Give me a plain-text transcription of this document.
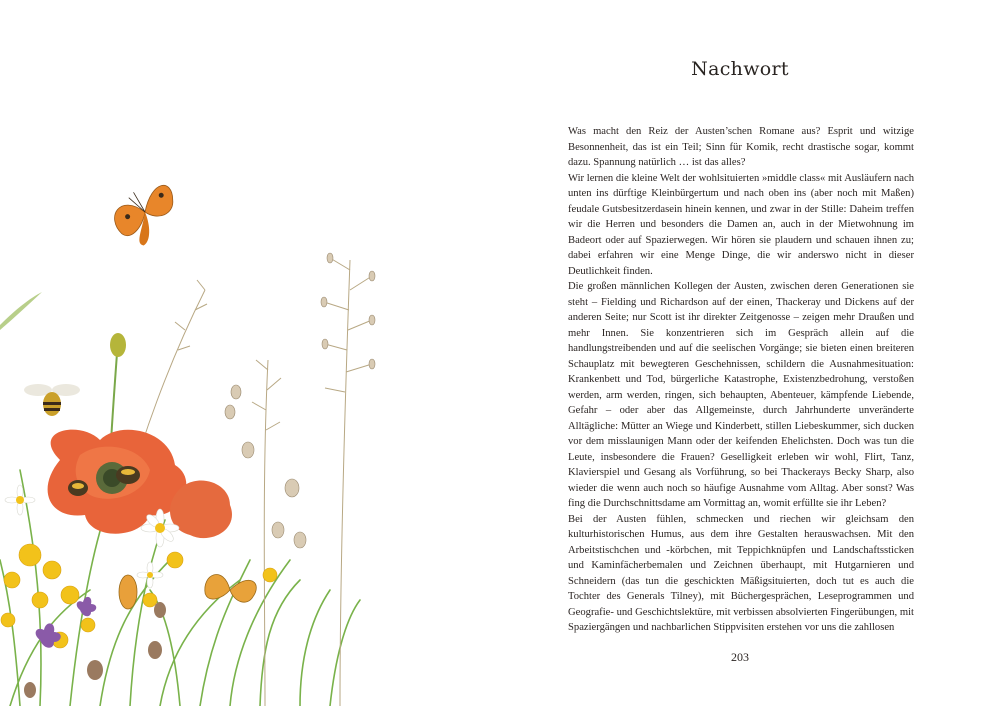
Nachwort

Was macht den Reiz der Austen’schen Romane aus? Esprit und witzige Besonnenheit, das ist ein Teil; Sinn für Komik, recht drastische sogar, kommt dazu. Spannung natürlich … ist das alles?

Wir lernen die kleine Welt der wohlsituierten »middle class« mit Ausläufern nach unten ins dürftige Kleinbürgertum und nach oben ins (aber noch mit Maßen) feudale Gutsbesitzerdasein hinein kennen, und zwar in der Stille: Daheim treffen wir die Herren und besonders die Damen an, auch in der Mietwohnung im Badeort oder auf Spazierwegen. Wir hören sie plaudern und schauen ihnen zu; dabei erfahren wir eine Menge Dinge, die wir anderswo nicht in dieser Deutlichkeit finden.

Die großen männlichen Kollegen der Austen, zwischen deren Generationen sie steht – Fielding und Richardson auf der einen, Thackeray und Dickens auf der anderen Seite; nur Scott ist ihr direkter Zeitgenosse – zeigen mehr Draußen und mehr Innen. Sie konzentrieren sich im Gespräch allein auf die handlungstreibenden und auf die seelischen Vorgänge; sie bieten einen breiteren Schauplatz mit bewegteren Geschehnissen, schildern die Ausnahmesituation: Krankenbett und Tod, bürgerliche Katastrophe, Existenzbedrohung, verstoßen werden, arm werden, ringen, sich behaupten, Abenteuer, kämpfende Liebende, Gefahr – oder aber das Allgemeinste, durch Jahrhunderte unveränderte Alltägliche: Mütter an Wiege und Kinderbett, stillen Liebeskummer, sich ducken vor dem misslaunigen Mann oder der keifenden Ehelichsten. Doch was tun die Leute, insbesondere die Frauen? Geselligkeit erleben wir wohl, Flirt, Tanz, Klavierspiel und Gesang als Vorführung, so bei Thackerays Becky Sharp, also wieder die wenn auch noch so häufige Ausnahme vom Alltag. Aber sonst? Was fing die Durchschnittsdame am Vormittag an, womit erfüllte sie ihr Leben?

Bei der Austen fühlen, schmecken und riechen wir gleichsam den kulturhistorischen Humus, aus dem ihre Gestalten herauswachsen. Mit den Arbeitstischchen und -körbchen, mit Teppichknüpfen und Landschaftssticken und Kaminfächerbemalen und Zeichnen überhaupt, mit Hutgarnieren und Schneidern (das tun die geschickten Mäßigsituierten, doch tut es auch die Tochter des Generals Tilney), mit Büchergesprächen, Leseprogrammen und Geografie- und Geschichtslektüre, mit verbissen absolvierten Fingerübungen, mit Spaziergängen und nachbarlichen Stippvisiten erstehen vor uns die zahllosen

203
